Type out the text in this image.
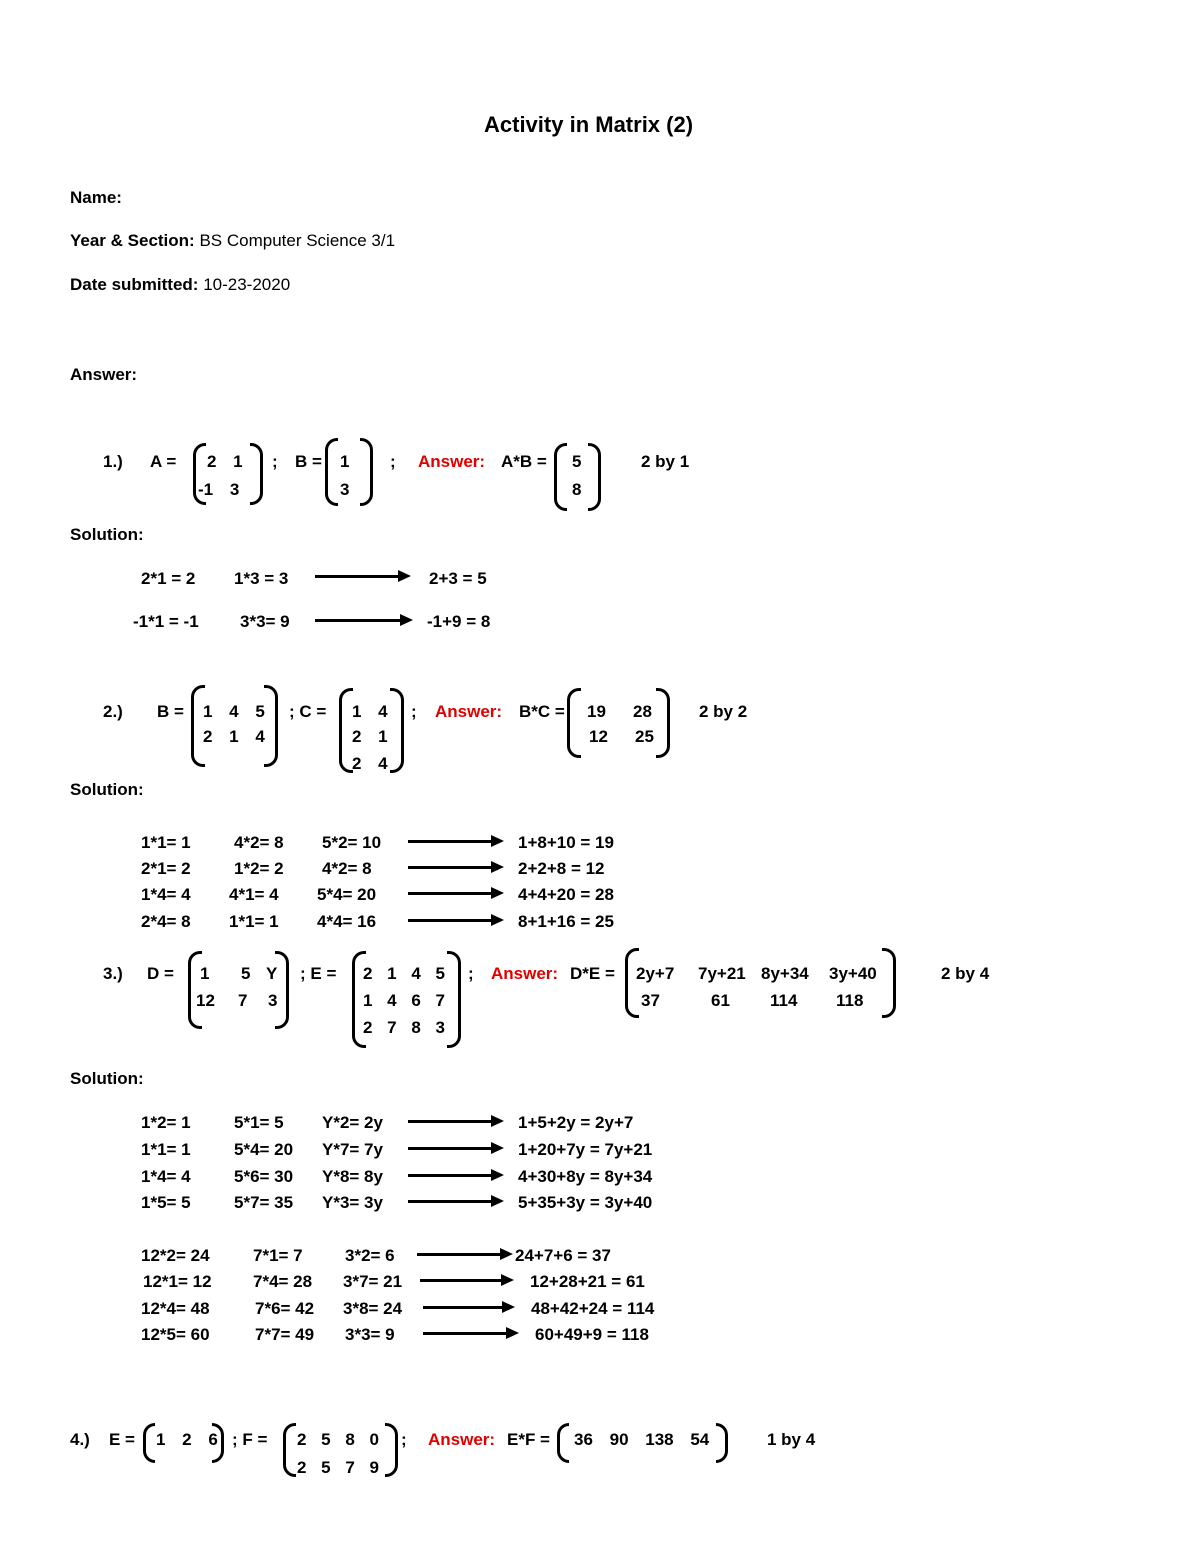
Activity in Matrix (2)
Name:
Year & Section: BS Computer Science 3/1
Date submitted: 10-23-2020
Answer:
1.) A = 2 1
-1 3
; B = 1
3
; Answer: A*B = 5
8
2 by 1
Solution:
2*1 = 2 1*3 = 3	2+3 = 5
-1*1 = -1 3*3= 9	-1+9 = 8
2.) B = 1 4 5
2 1 4
; C = 1 4
2 1
2 4
; Answer: B*C = 19 28
12 25
2 by 2
Solution:
1*1= 1	4*2= 8 5*2= 10	1+8+10 = 19
2*1= 2	1*2= 2 4*2= 8	2+2+8 = 12
1*4= 4 4*1= 4 5*4= 20	4+4+20 = 28
2*4= 8 1*1= 1 4*4= 16	8+1+16 = 25
3.) D = 1 5 Y
12 7 3
; E = 2 1 4 5
1 4 6 7
2 7 8 3
; Answer: D*E = 2y+7 7y+21 8y+34 3y+40
37	61 114 118
2 by 4
Solution:
1*2= 1	5*1= 5 Y*2= 2y	1+5+2y = 2y+7
1*1= 1	5*4= 20 Y*7= 7y	1+20+7y = 7y+21
1*4= 4	5*6= 30 Y*8= 8y	4+30+8y = 8y+34
1*5= 5	5*7= 35 Y*3= 3y	5+35+3y = 3y+40
12*2= 24	7*1= 7 3*2= 6	24+7+6 = 37
12*1= 12 7*4= 28 3*7= 21	12+28+21 = 61
12*4= 48	7*6= 42 3*8= 24	48+42+24 = 114
12*5= 60	7*7= 49 3*3= 9	60+49+9 = 118
4.) E = 1 2 6 ; F = 2 5 8 0
2 5 7 9
; Answer: E*F = 36 90 138 54	1 by 4
